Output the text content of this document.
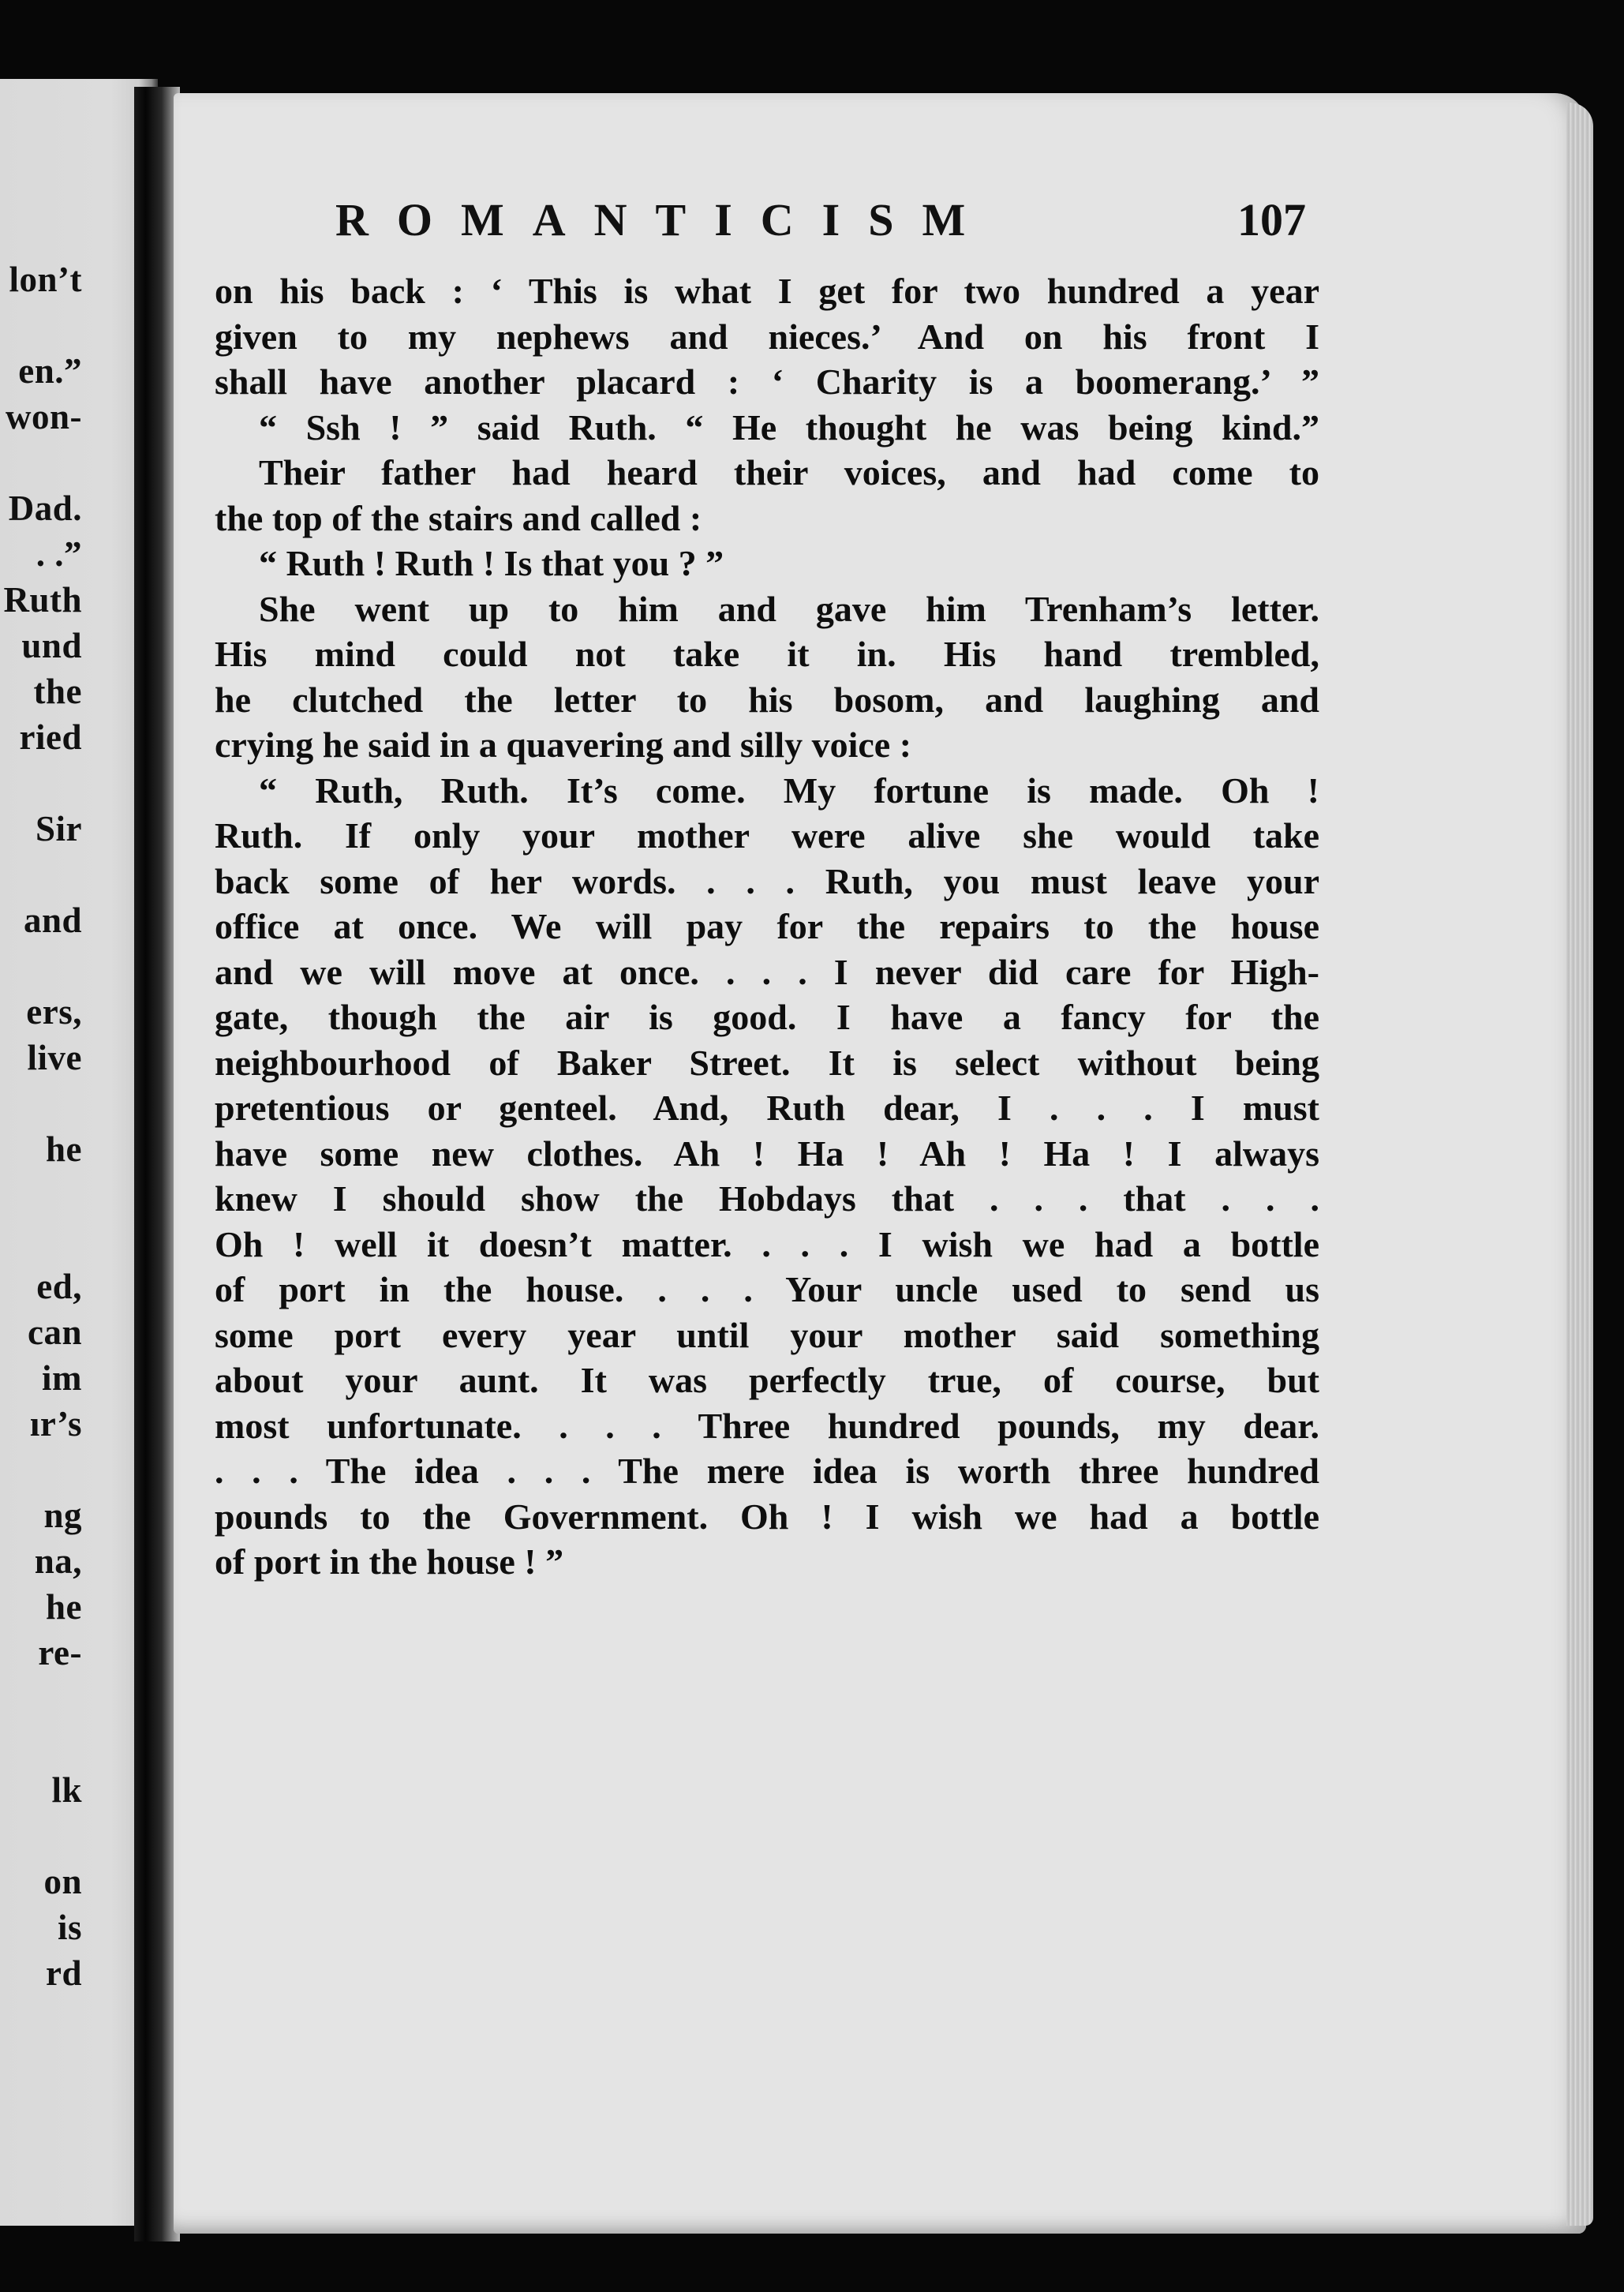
lon’t
en.”
won-
Dad.
. .”
Ruth
und
the
ried
Sir
and
ers,
live
he
ed,
can
im
ır’s
ng
na,
he
re-
lk
on
is
rd
ROMANTICISM	107
on his back : ‘ This is what I get for two hundred a year
given to my nephews and nieces.’ And on his front I
shall have another placard : ‘ Charity is a boomerang.’ ”
“ Ssh ! ” said Ruth. “ He thought he was being kind.”
Their father had heard their voices, and had come to
the top of the stairs and called :
“ Ruth ! Ruth ! Is that you ? ”
She went up to him and gave him Trenham’s letter.
His mind could not take it in. His hand trembled,
he clutched the letter to his bosom, and laughing and
crying he said in a quavering and silly voice :
“ Ruth, Ruth. It’s come. My fortune is made. Oh !
Ruth. If only your mother were alive she would take
back some of her words. . . . Ruth, you must leave your
office at once. We will pay for the repairs to the house
and we will move at once. . . . I never did care for High-
gate, though the air is good. I have a fancy for the
neighbourhood of Baker Street. It is select without being
pretentious or genteel. And, Ruth dear, I . . . I must
have some new clothes. Ah ! Ha ! Ah ! Ha ! I always
knew I should show the Hobdays that . . . that . . .
Oh ! well it doesn’t matter. . . . I wish we had a bottle
of port in the house. . . . Your uncle used to send us
some port every year until your mother said something
about your aunt. It was perfectly true, of course, but
most unfortunate. . . . Three hundred pounds, my dear.
. . . The idea . . . The mere idea is worth three hundred
pounds to the Government. Oh ! I wish we had a bottle
of port in the house ! ”
